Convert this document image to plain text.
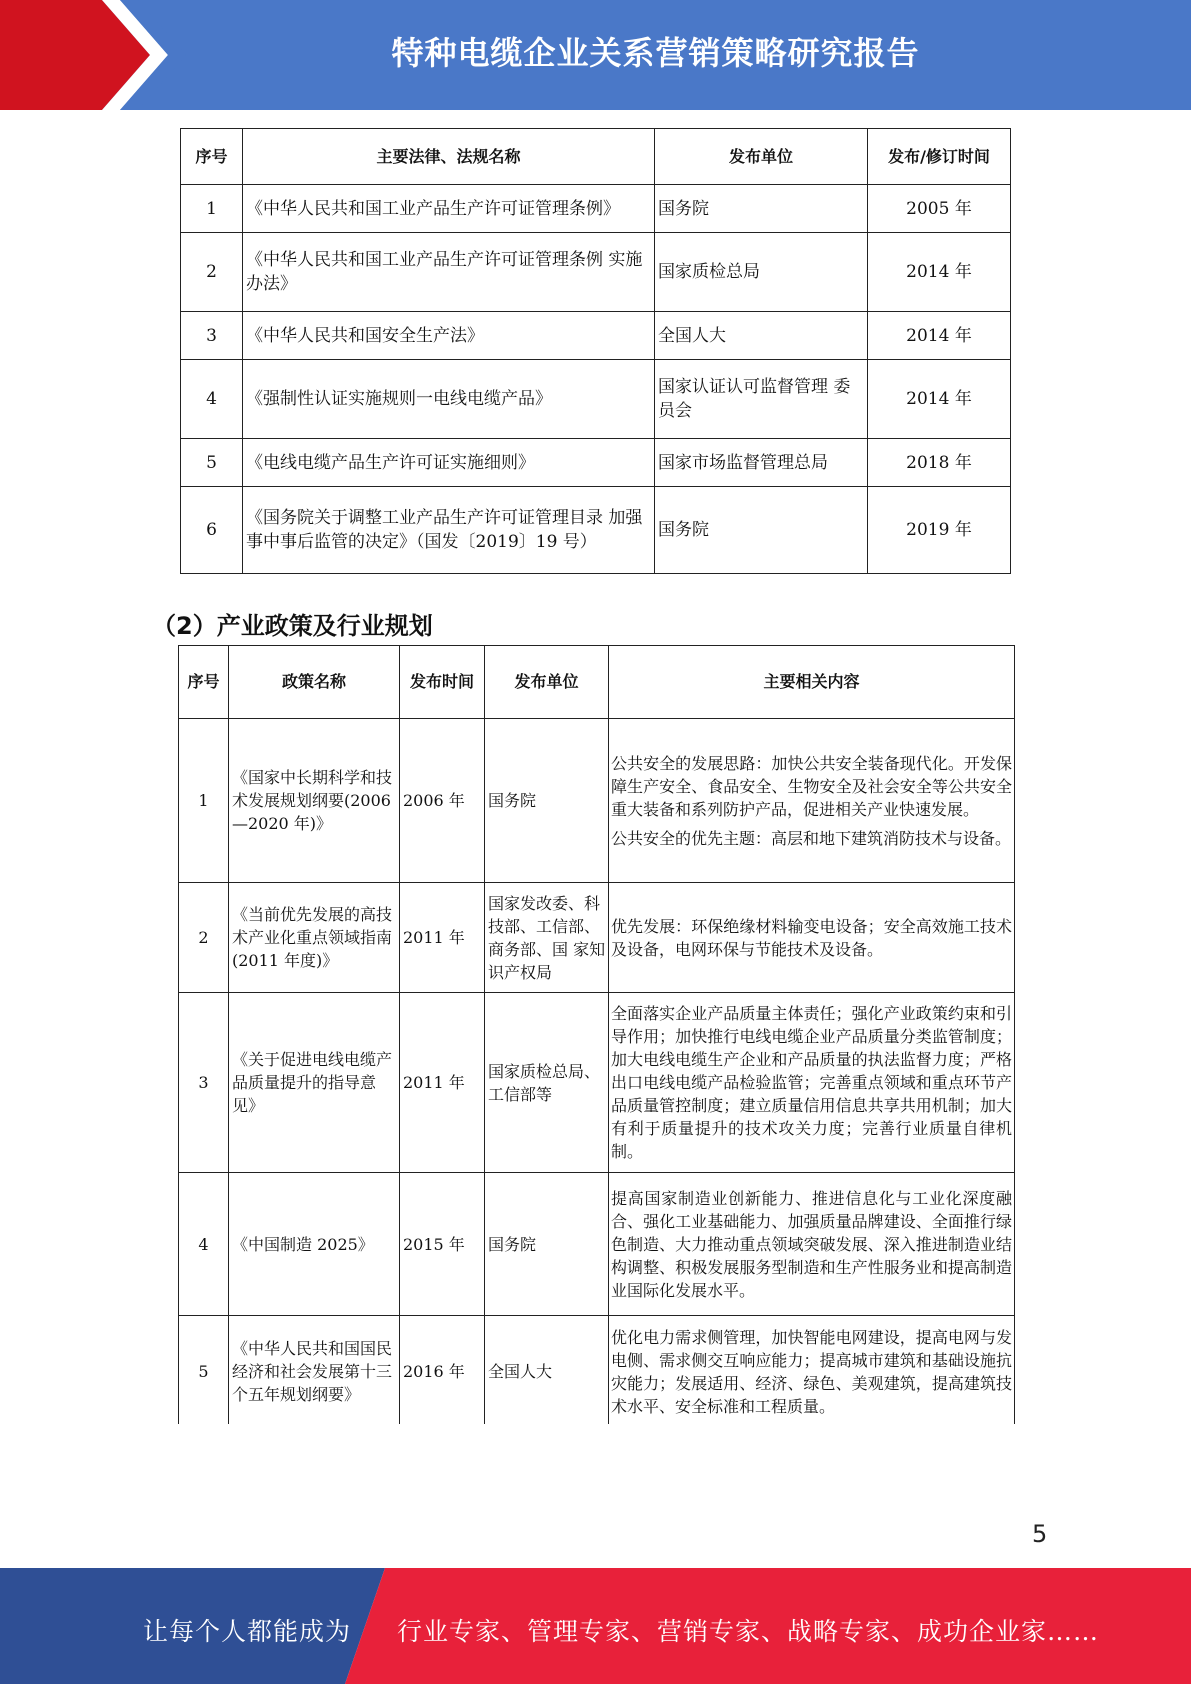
特种电缆企业关系营销策略研究报告
序号	主要法律、法规名称	发布单位	发布/修订时间
1	《中华人民共和国工业产品生产许可证管理条例》	国务院	2005 年
2	《中华人民共和国工业产品生产许可证管理条例 实施办法》	国家质检总局	2014 年
3	《中华人民共和国安全生产法》	全国人大	2014 年
4	《强制性认证实施规则一电线电缆产品》	国家认证认可监督管理 委员会	2014 年
5	《电线电缆产品生产许可证实施细则》	国家市场监督管理总局	2018 年
6	《国务院关于调整工业产品生产许可证管理目录 加强事中事后监管的决定》（国发〔2019〕19 号）	国务院	2019 年
（2）产业政策及行业规划
序号	政策名称	发布时间	发布单位	主要相关内容
1	《国家中长期科学和技术发展规划纲要(2006—2020 年)》	2006 年	国务院	公共安全的发展思路：加快公共安全装备现代化。开发保障生产安全、食品安全、生物安全及社会安全等公共安全重大装备和系列防护产品，促进相关产业快速发展。

公共安全的优先主题：高层和地下建筑消防技术与设备。

2	《当前优先发展的高技术产业化重点领域指南(2011 年度)》	2011 年	国家发改委、科技部、工信部、商务部、国 家知识产权局	优先发展：环保绝缘材料输变电设备；安全高效施工技术及设备，电网环保与节能技术及设备。
3	《关于促进电线电缆产品质量提升的指导意见》	2011 年	国家质检总局、工信部等	全面落实企业产品质量主体责任；强化产业政策约束和引导作用；加快推行电线电缆企业产品质量分类监管制度；加大电线电缆生产企业和产品质量的执法监督力度；严格出口电线电缆产品检验监管；完善重点领域和重点环节产品质量管控制度；建立质量信用信息共享共用机制；加大有利于质量提升的技术攻关力度；完善行业质量自律机制。
4	《中国制造 2025》	2015 年	国务院	提高国家制造业创新能力、推进信息化与工业化深度融合、强化工业基础能力、加强质量品牌建设、全面推行绿色制造、大力推动重点领域突破发展、深入推进制造业结构调整、积极发展服务型制造和生产性服务业和提高制造业国际化发展水平。
5	《中华人民共和国国民经济和社会发展第十三个五年规划纲要》	2016 年	全国人大	优化电力需求侧管理，加快智能电网建设，提高电网与发电侧、需求侧交互响应能力；提高城市建筑和基础设施抗灾能力；发展适用、经济、绿色、美观建筑，提高建筑技术水平、安全标准和工程质量。
5
让每个人都能成为 行业专家、管理专家、营销专家、战略专家、成功企业家……
